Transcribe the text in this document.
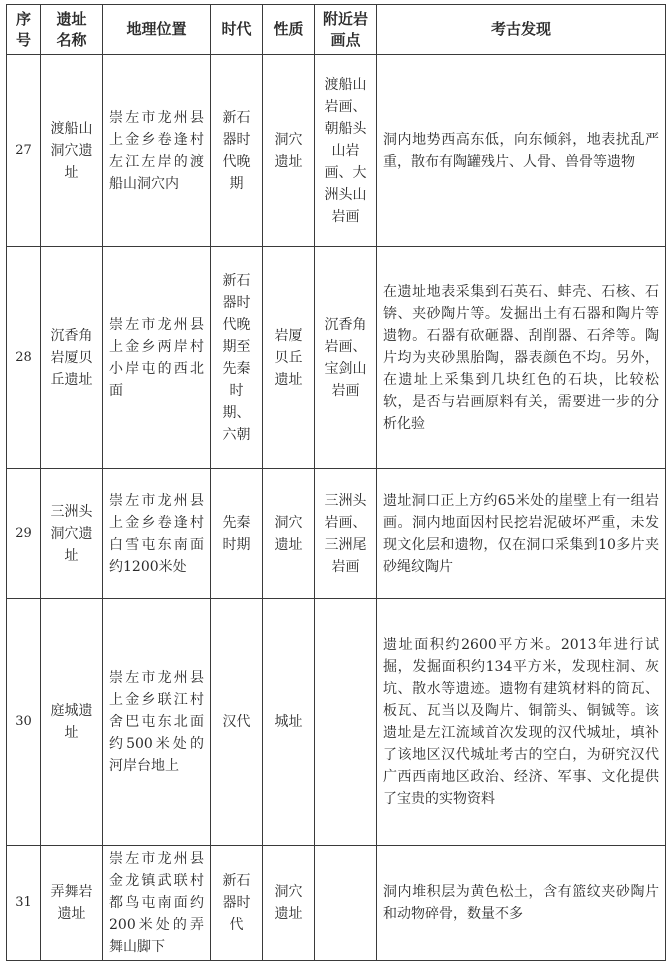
序号	遗址名称	地理位置	时代	性质	附近岩画点	考古发现
27	渡船山洞穴遗址	崇左市龙州县上金乡卷逢村左江左岸的渡船山洞穴内	新石器时代晚期	洞穴遗址	渡船山岩画、朝船头山岩画、大洲头山岩画	洞内地势西高东低，向东倾斜，地表扰乱严重，散布有陶罐残片、人骨、兽骨等遗物
28	沉香角岩厦贝丘遗址	崇左市龙州县上金乡两岸村小岸屯的西北面	新石器时代晚期至先秦时期、六朝	岩厦贝丘遗址	沉香角岩画、宝剑山岩画	在遗址地表采集到石英石、蚌壳、石核、石锛、夹砂陶片等。发掘出土有石器和陶片等遗物。石器有砍砸器、刮削器、石斧等。陶片均为夹砂黑胎陶，器表颜色不均。另外，在遗址上采集到几块红色的石块，比较松软，是否与岩画原料有关，需要进一步的分析化验
29	三洲头洞穴遗址	崇左市龙州县上金乡卷逢村白雪屯东南面约1200米处	先秦时期	洞穴遗址	三洲头岩画、三洲尾岩画	遗址洞口正上方约65米处的崖壁上有一组岩画。洞内地面因村民挖岩泥破坏严重，未发现文化层和遗物，仅在洞口采集到10多片夹砂绳纹陶片
30	庭城遗址	崇左市龙州县上金乡联江村舍巴屯东北面约500米处的河岸台地上	汉代	城址		遗址面积约2600平方米。2013年进行试掘，发掘面积约134平方米，发现柱洞、灰坑、散水等遗迹。遗物有建筑材料的筒瓦、板瓦、瓦当以及陶片、铜箭头、铜铖等。该遗址是左江流域首次发现的汉代城址，填补了该地区汉代城址考古的空白，为研究汉代广西西南地区政治、经济、军事、文化提供了宝贵的实物资料
31	弄舞岩遗址	崇左市龙州县金龙镇武联村都鸟屯南面约200米处的弄舞山脚下	新石器时代	洞穴遗址		洞内堆积层为黄色松土，含有篮纹夹砂陶片和动物碎骨，数量不多
